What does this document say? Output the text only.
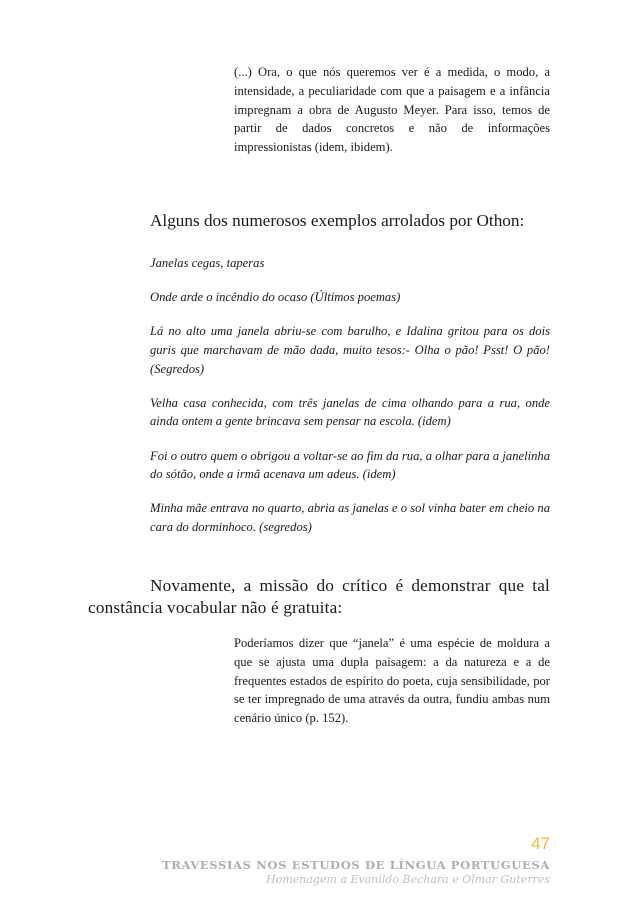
(...) Ora, o que nós queremos ver é a medida, o modo, a intensidade, a peculiaridade com que a paisagem e a infância impregnam a obra de Augusto Meyer. Para isso, temos de partir de dados concretos e não de informações impressionistas (idem, ibidem).
Alguns dos numerosos exemplos arrolados por Othon:

Janelas cegas, taperas

Onde arde o incêndio do ocaso (Últimos poemas)

Lá no alto uma janela abriu-se com barulho, e Idalina gritou para os dois guris que marchavam de mão dada, muito tesos:- Olha o pão! Psst! O pão! (Segredos)

Velha casa conhecida, com três janelas de cima olhando para a rua, onde ainda ontem a gente brincava sem pensar na escola. (idem)

Foi o outro quem o obrigou a voltar-se ao fim da rua, a olhar para a janelinha do sótão, onde a irmã acenava um adeus. (idem)

Minha mãe entrava no quarto, abria as janelas e o sol vinha bater em cheio na cara do dorminhoco. (segredos)

Novamente, a missão do crítico é demonstrar que tal constância vocabular não é gratuita:
Poderíamos dizer que “janela” é uma espécie de moldura a que se ajusta uma dupla paisagem: a da natureza e a de frequentes estados de espírito do poeta, cuja sensibilidade, por se ter impregnado de uma através da outra, fundiu ambas num cenário único (p. 152).
47
TRAVESSIAS NOS ESTUDOS DE LÍNGUA PORTUGUESA
Homenagem a Evanildo Bechara e Olmar Guterres
